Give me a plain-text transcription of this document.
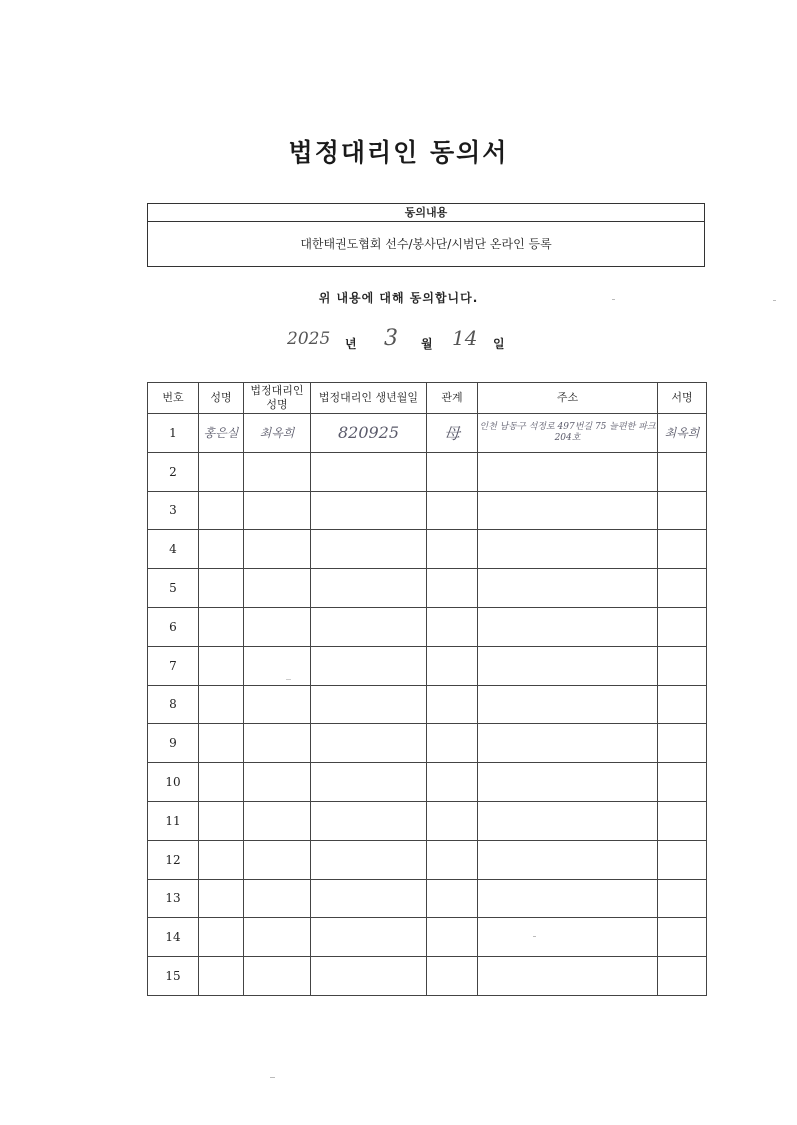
법정대리인 동의서
동의내용
대한태권도협회 선수/봉사단/시범단 온라인 등록
위 내용에 대해 동의합니다.
2025 년 3 월 14 일
번호	성명	법정대리인 성명	법정대리인 생년월일	관계	주소	서명
1	홍은실	최옥희	820925	母	인천 남동구 석정로 497번길 75 늘편한 파크 204호	최옥희
2						
3						
4						
5						
6						
7						
8						
9						
10						
11						
12						
13						
14						
15						
